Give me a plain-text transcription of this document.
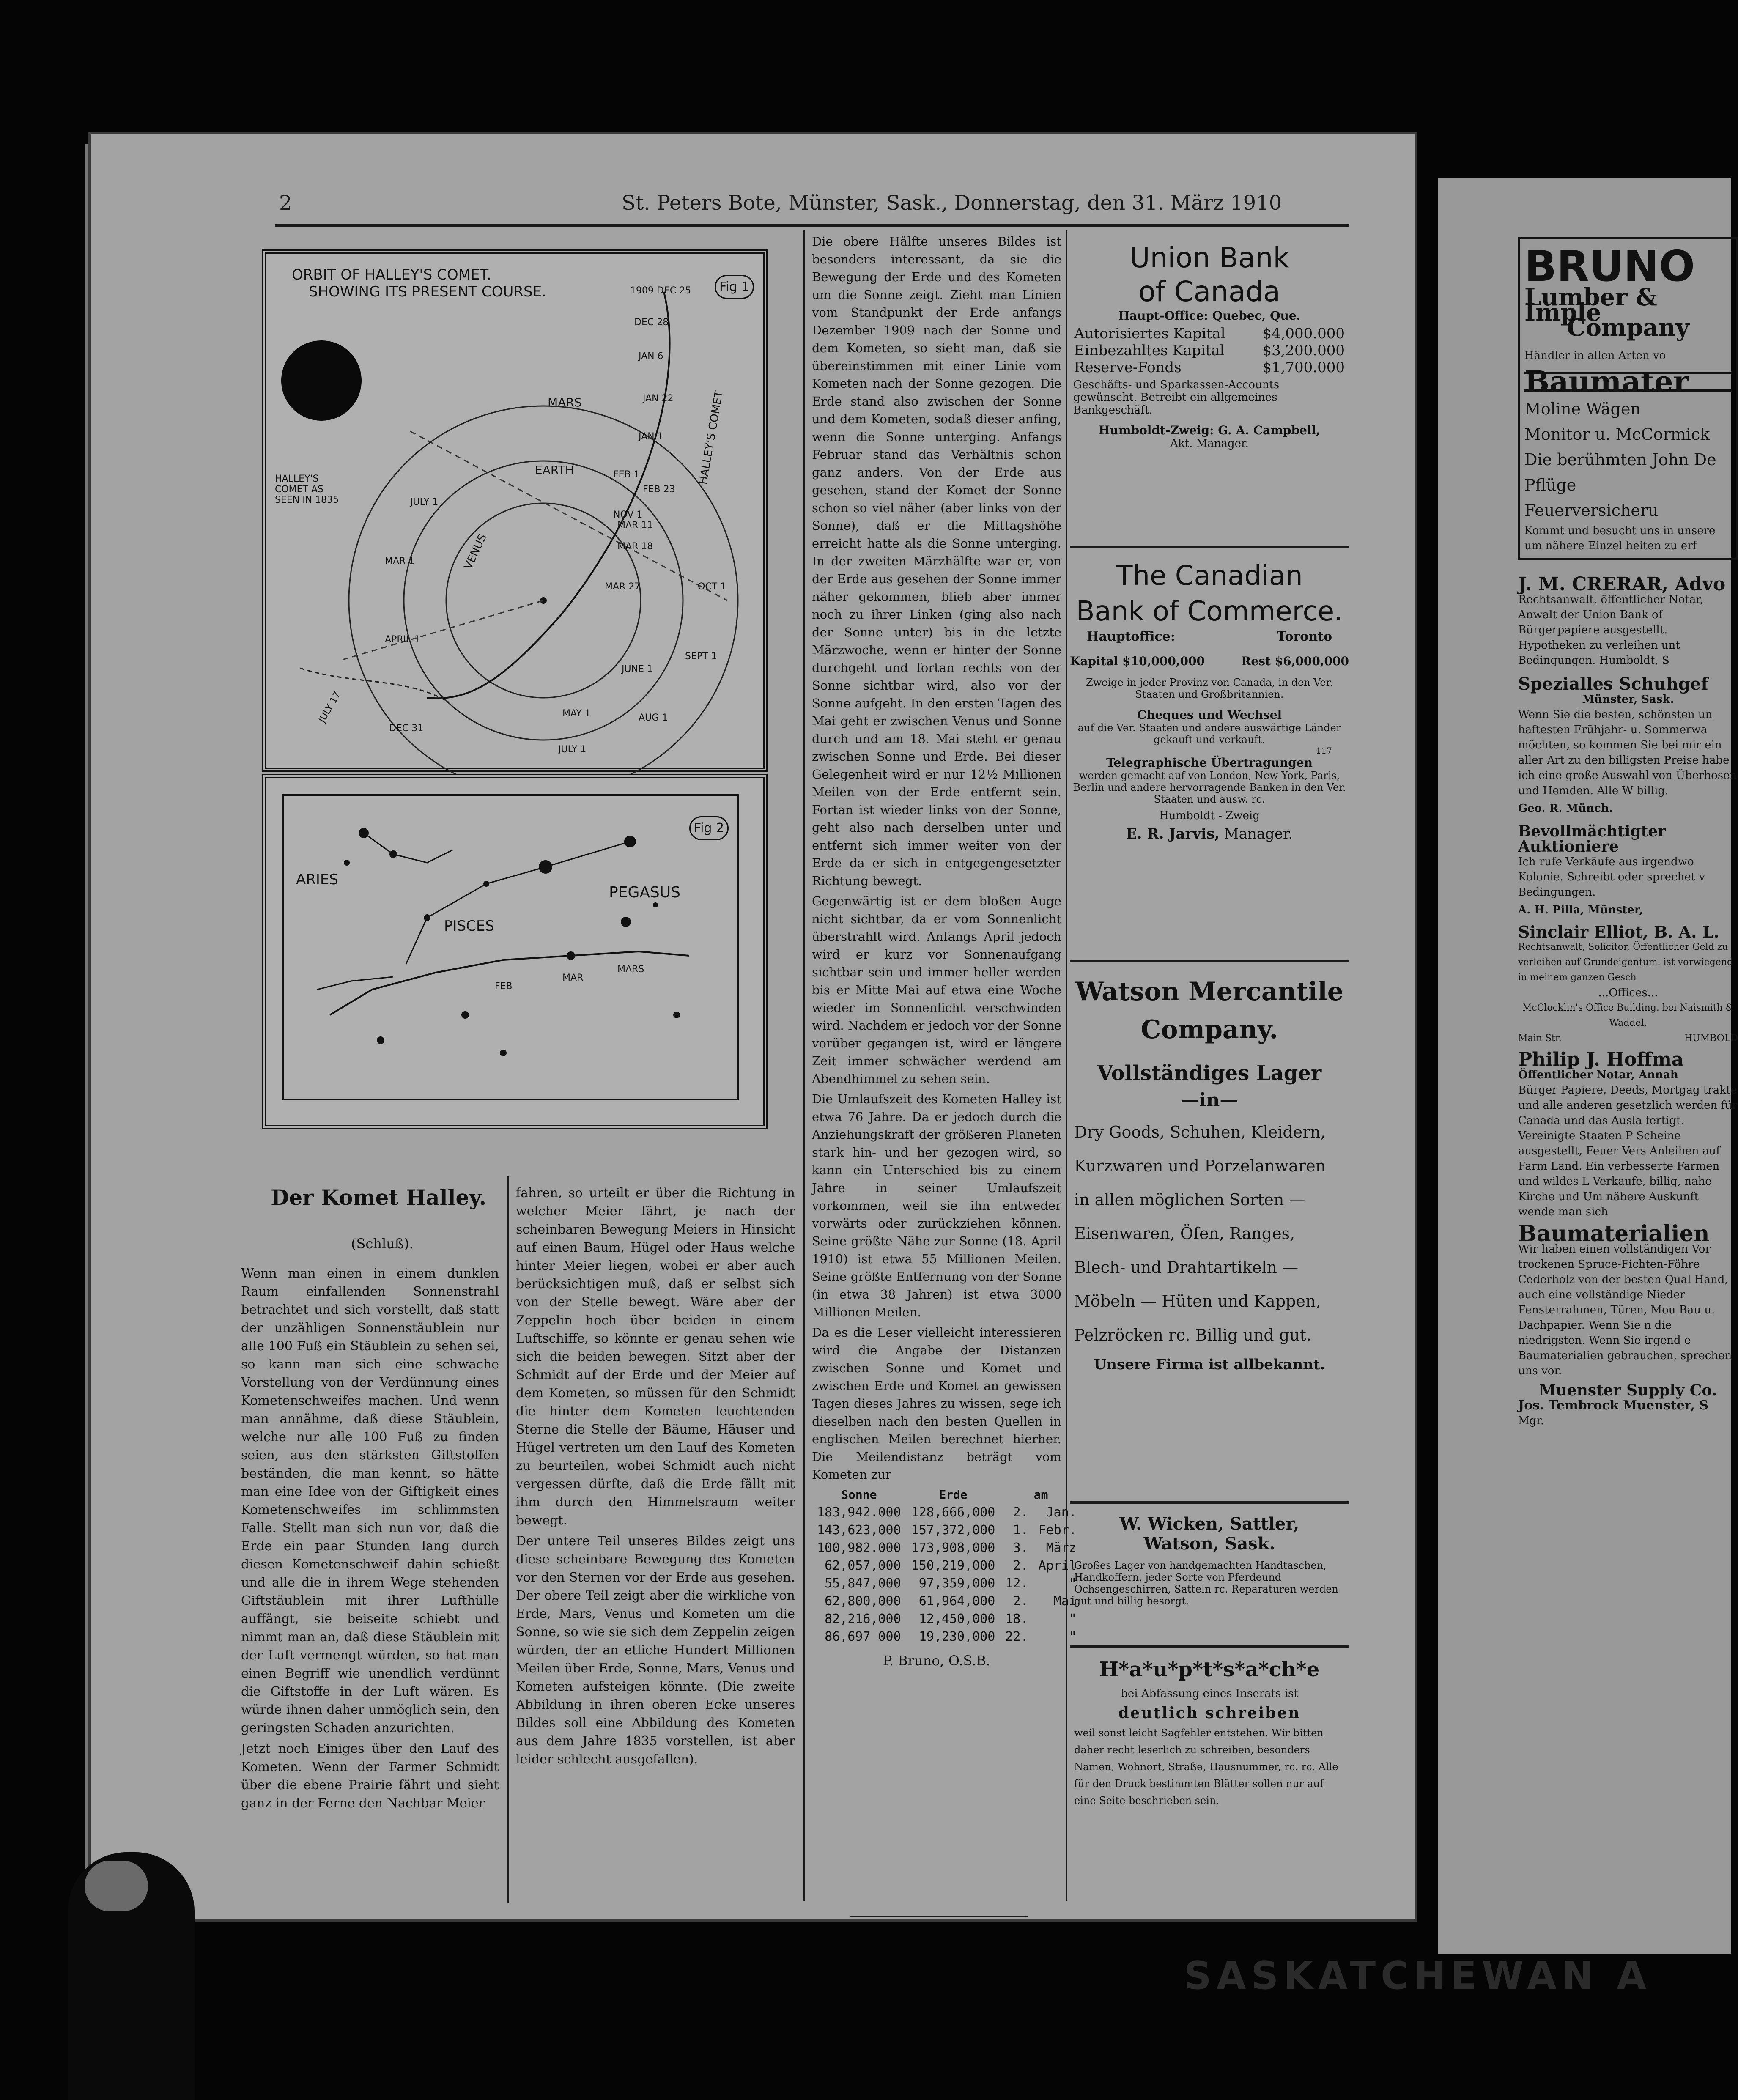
2	St. Peters Bote, Münster, Sask., Donnerstag, den 31. März 1910
ORBIT OF HALLEY'S COMET.
SHOWING ITS PRESENT COURSE.	Fig 1
MARS
EARTH
VENUS
HALLEY'S COMET AS SEEN IN 1835
HALLEY'S COMET
1909 DEC 25
DEC 28
JAN 6
JAN 22
JAN 1
FEB 1
FEB 23
MAR 11
MAR 18
MAR 27
NOV 1
OCT 1
SEPT 1
AUG 1
JULY 1
JUNE 1
MAY 1
APRIL 1
MAR 1
JULY 1
DEC 31
JULY 17
Fig 2
ARIES
PISCES
PEGASUS
FEB
MAR
MARS
Der Komet Halley.
(Schluß).

Wenn man einen in einem dunklen Raum einfallenden Sonnenstrahl betrachtet und sich vorstellt, daß statt der unzähligen Sonnenstäublein nur alle 100 Fuß ein Stäublein zu sehen sei, so kann man sich eine schwache Vorstellung von der Verdünnung eines Kometenschweifes machen. Und wenn man annähme, daß diese Stäublein, welche nur alle 100 Fuß zu finden seien, aus den stärksten Giftstoffen beständen, die man kennt, so hätte man eine Idee von der Giftigkeit eines Kometenschweifes im schlimmsten Falle. Stellt man sich nun vor, daß die Erde ein paar Stunden lang durch diesen Kometenschweif dahin schießt und alle die in ihrem Wege stehenden Giftstäublein mit ihrer Lufthülle auffängt, sie beiseite schiebt und nimmt man an, daß diese Stäublein mit der Luft vermengt würden, so hat man einen Begriff wie unendlich verdünnt die Giftstoffe in der Luft wären. Es würde ihnen daher unmöglich sein, den geringsten Schaden anzurichten.

Jetzt noch Einiges über den Lauf des Kometen. Wenn der Farmer Schmidt über die ebene Prairie fährt und sieht ganz in der Ferne den Nachbar Meier

fahren, so urteilt er über die Richtung in welcher Meier fährt, je nach der scheinbaren Bewegung Meiers in Hinsicht auf einen Baum, Hügel oder Haus welche hinter Meier liegen, wobei er aber auch berücksichtigen muß, daß er selbst sich von der Stelle bewegt. Wäre aber der Zeppelin hoch über beiden in einem Luftschiffe, so könnte er genau sehen wie sich die beiden bewegen. Sitzt aber der Schmidt auf der Erde und der Meier auf dem Kometen, so müssen für den Schmidt die hinter dem Kometen leuchtenden Sterne die Stelle der Bäume, Häuser und Hügel vertreten um den Lauf des Kometen zu beurteilen, wobei Schmidt auch nicht vergessen dürfte, daß die Erde fällt mit ihm durch den Himmelsraum weiter bewegt.

Der untere Teil unseres Bildes zeigt uns diese scheinbare Bewegung des Kometen vor den Sternen vor der Erde aus gesehen. Der obere Teil zeigt aber die wirkliche von Erde, Mars, Venus und Kometen um die Sonne, so wie sie sich dem Zeppelin zeigen würden, der an etliche Hundert Millionen Meilen über Erde, Sonne, Mars, Venus und Kometen aufsteigen könnte. (Die zweite Abbildung in ihren oberen Ecke unseres Bildes soll eine Abbildung des Kometen aus dem Jahre 1835 vorstellen, ist aber leider schlecht ausgefallen).

Die obere Hälfte unseres Bildes ist besonders interessant, da sie die Bewegung der Erde und des Kometen um die Sonne zeigt. Zieht man Linien vom Standpunkt der Erde anfangs Dezember 1909 nach der Sonne und dem Kometen, so sieht man, daß sie übereinstimmen mit einer Linie vom Kometen nach der Sonne gezogen. Die Erde stand also zwischen der Sonne und dem Kometen, sodaß dieser anfing, wenn die Sonne unterging. Anfangs Februar stand das Verhältnis schon ganz anders. Von der Erde aus gesehen, stand der Komet der Sonne schon so viel näher (aber links von der Sonne), daß er die Mittagshöhe erreicht hatte als die Sonne unterging. In der zweiten Märzhälfte war er, von der Erde aus gesehen der Sonne immer näher gekommen, blieb aber immer noch zu ihrer Linken (ging also nach der Sonne unter) bis in die letzte Märzwoche, wenn er hinter der Sonne durchgeht und fortan rechts von der Sonne sichtbar wird, also vor der Sonne aufgeht. In den ersten Tagen des Mai geht er zwischen Venus und Sonne durch und am 18. Mai steht er genau zwischen Sonne und Erde. Bei dieser Gelegenheit wird er nur 12½ Millionen Meilen von der Erde entfernt sein. Fortan ist wieder links von der Sonne, geht also nach derselben unter und entfernt sich immer weiter von der Erde da er sich in entgegengesetzter Richtung bewegt.

Gegenwärtig ist er dem bloßen Auge nicht sichtbar, da er vom Sonnenlicht überstrahlt wird. Anfangs April jedoch wird er kurz vor Sonnenaufgang sichtbar sein und immer heller werden bis er Mitte Mai auf etwa eine Woche wieder im Sonnenlicht verschwinden wird. Nachdem er jedoch vor der Sonne vorüber gegangen ist, wird er längere Zeit immer schwächer werdend am Abendhimmel zu sehen sein.

Die Umlaufszeit des Kometen Halley ist etwa 76 Jahre. Da er jedoch durch die Anziehungskraft der größeren Planeten stark hin- und her gezogen wird, so kann ein Unterschied bis zu einem Jahre in seiner Umlaufszeit vorkommen, weil sie ihn entweder vorwärts oder zurückziehen können. Seine größte Nähe zur Sonne (18. April 1910) ist etwa 55 Millionen Meilen. Seine größte Entfernung von der Sonne (in etwa 38 Jahren) ist etwa 3000 Millionen Meilen.

Da es die Leser vielleicht interessieren wird die Angabe der Distanzen zwischen Sonne und Komet und zwischen Erde und Komet an gewissen Tagen dieses Jahres zu wissen, sege ich dieselben nach den besten Quellen in englischen Meilen berechnet hierher. Die Meilendistanz beträgt vom Kometen zur

Sonne	Erde	am	
183,942.000	128,666,000	2.	Jan.
143,623,000	157,372,000	1.	Febr.
100,982.000	173,908,000	3.	März
62,057,000	150,219,000	2.	April
55,847,000	97,359,000	12.	"
62,800,000	61,964,000	2.	Mai
82,216,000	12,450,000	18.	"
86,697 000	19,230,000	22.	"
P. Bruno, O.S.B.
Union Bank
of Canada
Haupt-Office: Quebec, Que.
Autorisiertes Kapital	$4,000.000
Einbezahltes Kapital	$3,200.000
Reserve-Fonds	$1,700.000
Geschäfts- und Sparkassen-Accounts gewünscht. Betreibt ein allgemeines Bankgeschäft.
Humboldt-Zweig: G. A. Campbell,
Akt. Manager.
The Canadian
Bank of Commerce.
Hauptoffice:	Toronto
Kapital $10,000,000	Rest $6,000,000
Zweige in jeder Provinz von Canada, in den Ver. Staaten und Großbritannien.
Cheques und Wechsel
auf die Ver. Staaten und andere auswärtige Länder gekauft und verkauft.
117
Telegraphische Übertragungen
werden gemacht auf von London, New York, Paris, Berlin und andere hervorragende Banken in den Ver. Staaten und ausw. rc.
Humboldt - Zweig
E. R. Jarvis, Manager.
Watson Mercantile
Company.
Vollständiges Lager
—in—
Dry Goods, Schuhen, Kleidern, Kurzwaren und Porzelanwaren in allen möglichen Sorten — Eisenwaren, Öfen, Ranges, Blech- und Drahtartikeln — Möbeln — Hüten und Kappen, Pelzröcken rc. Billig und gut.
Unsere Firma ist allbekannt.
W. Wicken, Sattler,
Watson, Sask.
Großes Lager von handgemachten Handtaschen, Handkoffern, jeder Sorte von Pferdeund Ochsengeschirren, Satteln rc. Reparaturen werden gut und billig besorgt.
H*a*u*p*t*s*a*ch*e
bei Abfassung eines Inserats ist
deutlich schreiben
weil sonst leicht Sagfehler entstehen. Wir bitten daher recht leserlich zu schreiben, besonders Namen, Wohnort, Straße, Hausnummer, rc. rc. Alle für den Druck bestimmten Blätter sollen nur auf eine Seite beschrieben sein.
BRUNO
Lumber & Imple
Company
Händler in allen Arten vo
Baumater
Moline Wägen
Monitor u. McCormick
Die berühmten John De
Pflüge
Feuerversicheru
Kommt und besucht uns in unsere um nähere Einzel heiten zu erf
J. M. CRERAR, Advo
Rechtsanwalt, öffentlicher Notar, Anwalt der Union Bank of Bürgerpapiere ausgestellt. Hypotheken zu verleihen unt Bedingungen. Humboldt, S
Spezialles Schuhgef
Münster, Sask.
Wenn Sie die besten, schönsten un haftesten Frühjahr- u. Sommerwa möchten, so kommen Sie bei mir ein aller Art zu den billigsten Preise habe ich eine große Auswahl von Überhosen und Hemden. Alle W billig.
Geo. R. Münch.
Bevollmächtigter
Auktioniere
Ich rufe Verkäufe aus irgendwo Kolonie. Schreibt oder sprechet v Bedingungen.
A. H. Pilla, Münster,
Sinclair Elliot, B. A. L.
Rechtsanwalt, Solicitor, Öffentlicher Geld zu verleihen auf Grundeigentum. ist vorwiegend in meinem ganzen Gesch
...Offices...
McClocklin's Office Building. bei Naismith & Waddel,
Main Str.	HUMBOLD
Philip J. Hoffma
Öffentlicher Notar, Annah
Bürger Papiere, Deeds, Mortgag trakte und alle anderen gesetzlich werden für Canada und das Ausla fertigt. Vereinigte Staaten P Scheine ausgestellt, Feuer Vers Anleihen auf Farm Land. Ein verbesserte Farmen und wildes L Verkaufe, billig, nahe Kirche und Um nähere Auskunft wende man sich
Baumaterialien
Wir haben einen vollständigen Vor trockenen Spruce-Fichten-Föhre Cederholz von der besten Qual Hand, auch eine vollständige Nieder Fensterrahmen, Türen, Mou Bau u. Dachpapier. Wenn Sie n die niedrigsten. Wenn Sie irgend e Baumaterialien gebrauchen, sprechen uns vor.
Muenster Supply Co.
Jos. Tembrock Muenster, S
Mgr.
SASKATCHEWAN A
